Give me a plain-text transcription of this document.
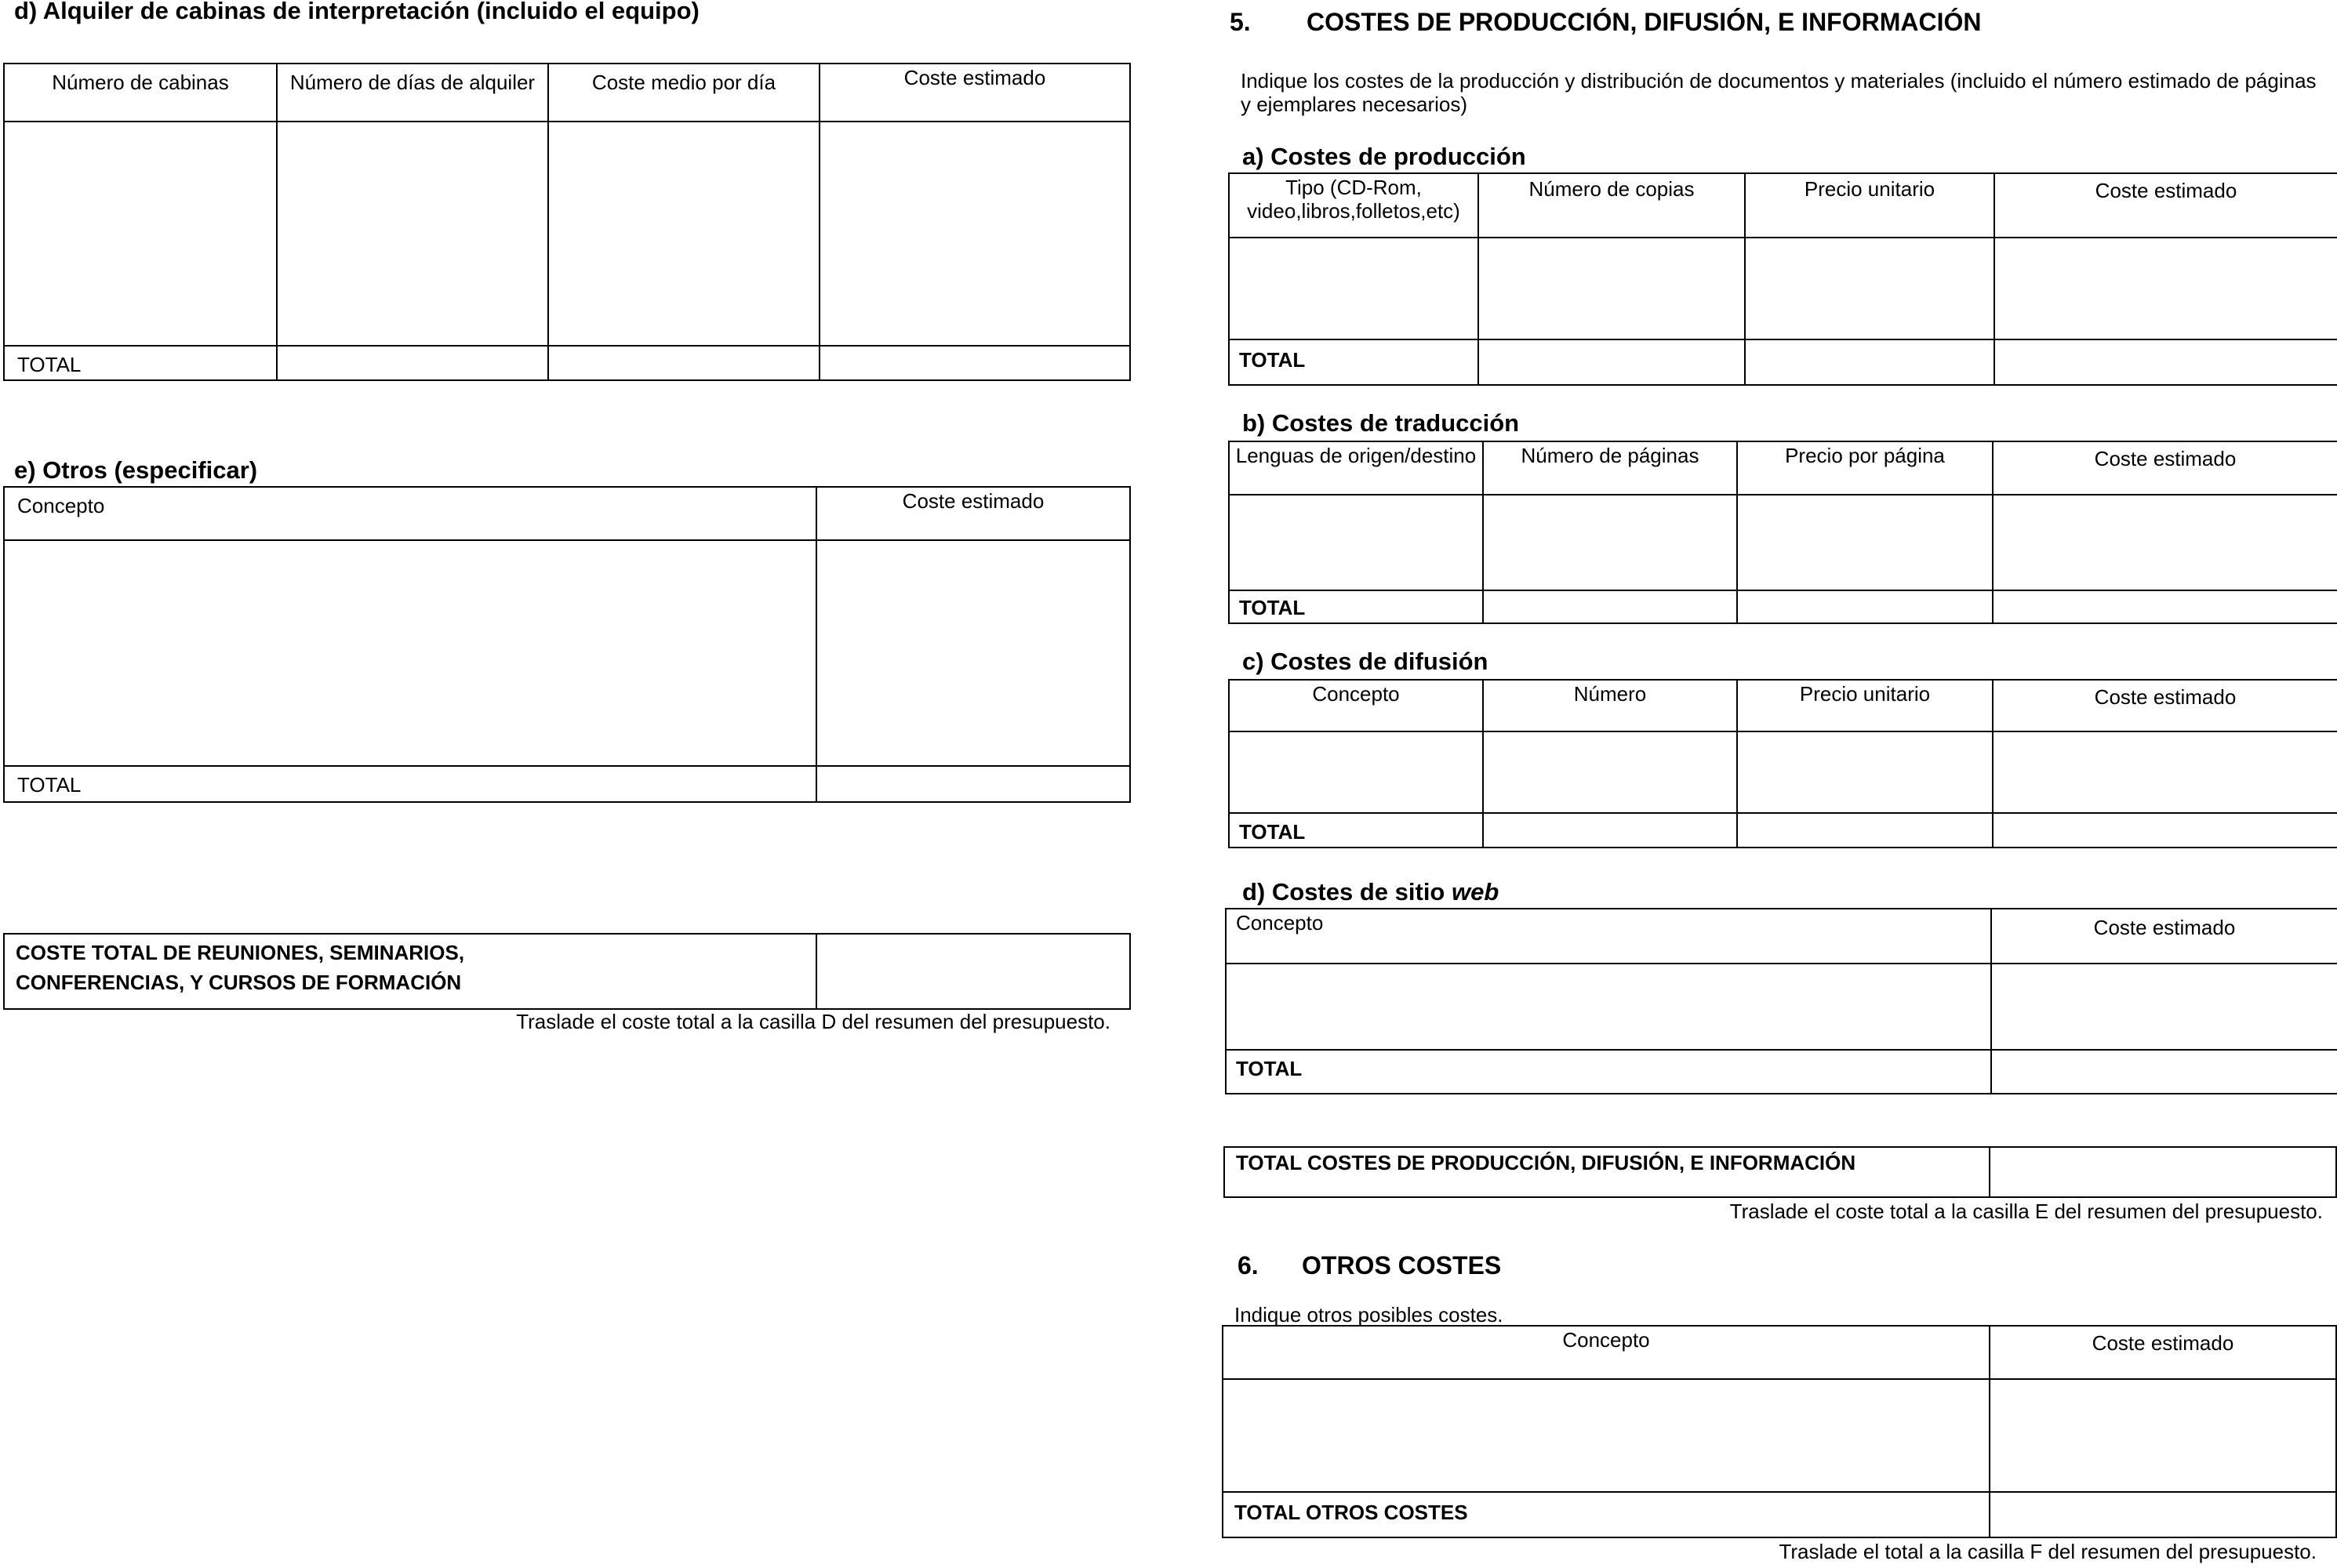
d) Alquiler de cabinas de interpretación (incluido el equipo)
Número de cabinas	Número de días de alquiler	Coste medio por día	Coste estimado

TOTAL			
e) Otros (especificar)
Concepto	Coste estimado

TOTAL	
COSTE TOTAL DE REUNIONES, SEMINARIOS,
CONFERENCIAS, Y CURSOS DE FORMACIÓN

Traslade el coste total a la casilla D del resumen del presupuesto.
5. COSTES DE PRODUCCIÓN, DIFUSIÓN, E INFORMACIÓN
Indique los costes de la producción y distribución de documentos y materiales (incluido el número estimado de páginas y ejemplares necesarios)
a) Costes de producción
Tipo (CD-Rom, video,libros,folletos,etc)	Número de copias	Precio unitario	Coste estimado

TOTAL			
b) Costes de traducción
Lenguas de origen/destino	Número de páginas	Precio por página	Coste estimado

TOTAL			
c) Costes de difusión
Concepto	Número	Precio unitario	Coste estimado

TOTAL			
d) Costes de sitio web
Concepto	Coste estimado

TOTAL	
TOTAL COSTES DE PRODUCCIÓN, DIFUSIÓN, E INFORMACIÓN	
Traslade el coste total a la casilla E del resumen del presupuesto.
6. OTROS COSTES
Indique otros posibles costes.
Concepto	Coste estimado

TOTAL OTROS COSTES	
Traslade el total a la casilla F del resumen del presupuesto.
